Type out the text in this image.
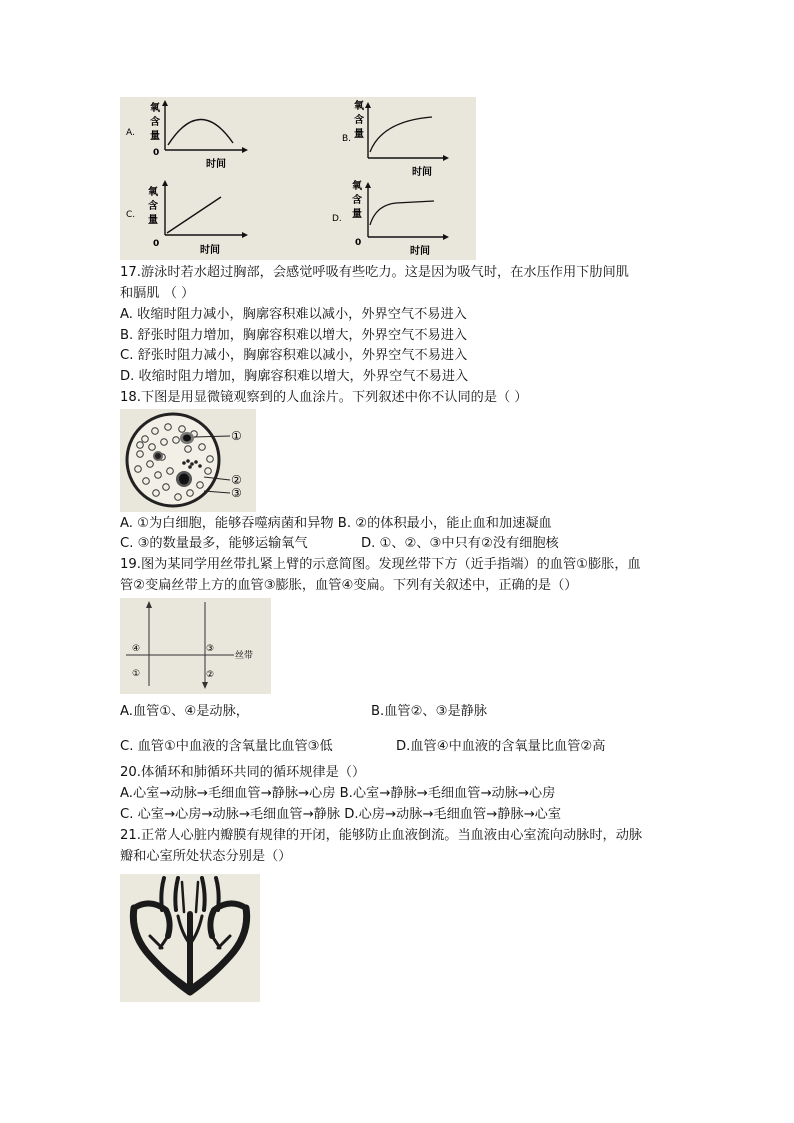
A.
氧
含
量
0
时间
B.
氧
含
量
时间
C.
氧
含
量
0
时间
D.
氧
含
量
0
时间
17.游泳时若水超过胸部，会感觉呼吸有些吃力。这是因为吸气时，在水压作用下肋间肌
和膈肌 （ ）
A. 收缩时阻力减小，胸廓容积难以减小，外界空气不易进入
B. 舒张时阻力增加，胸廓容积难以增大，外界空气不易进入
C. 舒张时阻力减小，胸廓容积难以减小，外界空气不易进入
D. 收缩时阻力增加，胸廓容积难以增大，外界空气不易进入
18.下图是用显微镜观察到的人血涂片。下列叙述中你不认同的是（ ）
①
②
③
A. ①为白细胞，能够吞噬病菌和异物 B. ②的体积最小，能止血和加速凝血
C. ③的数量最多，能够运输氧气	D. ①、②、③中只有②没有细胞核
19.图为某同学用丝带扎紧上臂的示意简图。发现丝带下方（近手指端）的血管①膨胀，血
管②变扁丝带上方的血管③膨胀，血管④变扁。下列有关叙述中，正确的是（）
④
①
③
②
丝带
A.血管①、④是动脉，	B.血管②、③是静脉
C. 血管①中血液的含氧量比血管③低	D.血管④中血液的含氧量比血管②高
20.体循环和肺循环共同的循环规律是（）
A.心室→动脉→毛细血管→静脉→心房 B.心室→静脉→毛细血管→动脉→心房
C. 心室→心房→动脉→毛细血管→静脉 D.心房→动脉→毛细血管→静脉→心室
21.正常人心脏内瓣膜有规律的开闭，能够防止血液倒流。当血液由心室流向动脉时，动脉
瓣和心室所处状态分别是（）
